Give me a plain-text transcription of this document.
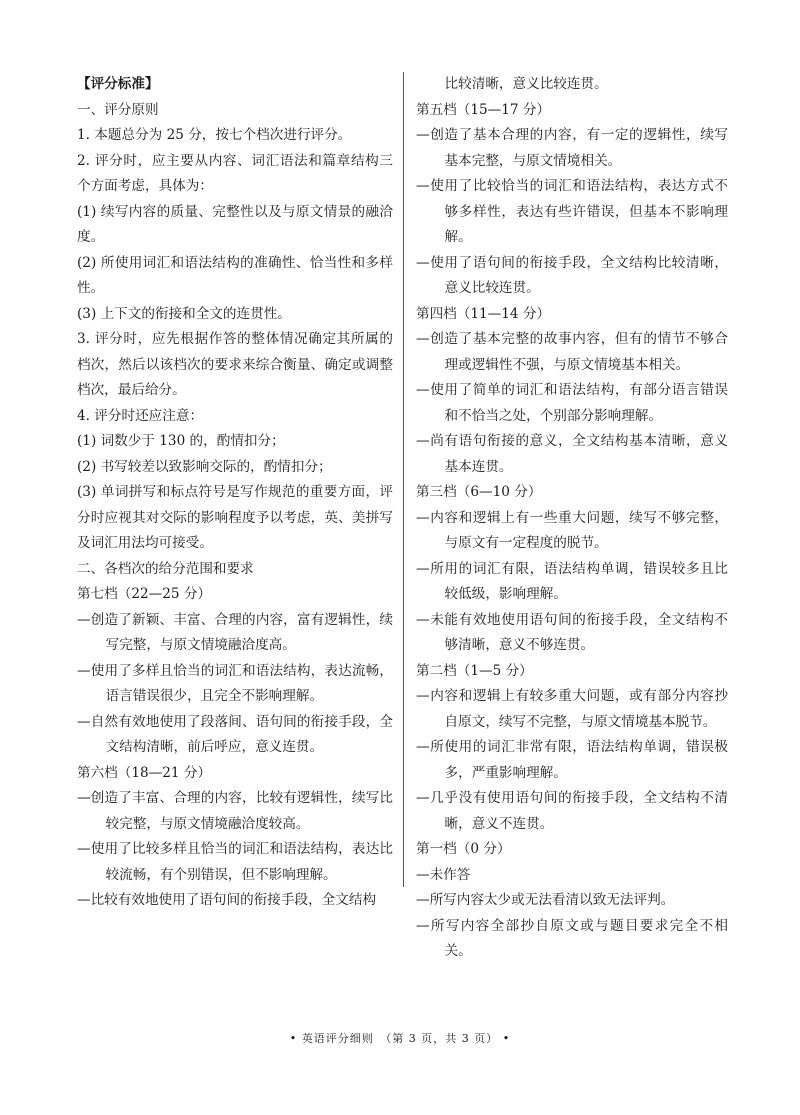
【评分标准】
一、评分原则
1. 本题总分为 25 分，按七个档次进行评分。
2. 评分时，应主要从内容、词汇语法和篇章结构三个方面考虑，具体为：
(1) 续写内容的质量、完整性以及与原文情景的融洽度。
(2) 所使用词汇和语法结构的准确性、恰当性和多样性。
(3) 上下文的衔接和全文的连贯性。
3. 评分时，应先根据作答的整体情况确定其所属的档次，然后以该档次的要求来综合衡量、确定或调整档次，最后给分。
4. 评分时还应注意：
(1) 词数少于 130 的，酌情扣分；
(2) 书写较差以致影响交际的，酌情扣分；
(3) 单词拼写和标点符号是写作规范的重要方面，评分时应视其对交际的影响程度予以考虑，英、美拼写及词汇用法均可接受。
二、各档次的给分范围和要求
第七档（22—25 分）
—创造了新颖、丰富、合理的内容，富有逻辑性，续写完整，与原文情境融洽度高。
—使用了多样且恰当的词汇和语法结构，表达流畅，语言错误很少，且完全不影响理解。
—自然有效地使用了段落间、语句间的衔接手段，全文结构清晰，前后呼应，意义连贯。
第六档（18—21 分）
—创造了丰富、合理的内容，比较有逻辑性，续写比较完整，与原文情境融洽度较高。
—使用了比较多样且恰当的词汇和语法结构，表达比较流畅，有个别错误，但不影响理解。
—比较有效地使用了语句间的衔接手段，全文结构
比较清晰，意义比较连贯。
第五档（15—17 分）
—创造了基本合理的内容，有一定的逻辑性，续写基本完整，与原文情境相关。
—使用了比较恰当的词汇和语法结构，表达方式不够多样性，表达有些许错误，但基本不影响理解。
—使用了语句间的衔接手段，全文结构比较清晰，意义比较连贯。
第四档（11—14 分）
—创造了基本完整的故事内容，但有的情节不够合理或逻辑性不强，与原文情境基本相关。
—使用了简单的词汇和语法结构，有部分语言错误和不恰当之处，个别部分影响理解。
—尚有语句衔接的意义，全文结构基本清晰，意义基本连贯。
第三档（6—10 分）
—内容和逻辑上有一些重大问题，续写不够完整，与原文有一定程度的脱节。
—所用的词汇有限，语法结构单调，错误较多且比较低级，影响理解。
—未能有效地使用语句间的衔接手段，全文结构不够清晰，意义不够连贯。
第二档（1—5 分）
—内容和逻辑上有较多重大问题，或有部分内容抄自原文，续写不完整，与原文情境基本脱节。
—所使用的词汇非常有限，语法结构单调，错误极多，严重影响理解。
—几乎没有使用语句间的衔接手段，全文结构不清晰，意义不连贯。
第一档（0 分）
—未作答
—所写内容太少或无法看清以致无法评判。
—所写内容全部抄自原文或与题目要求完全不相关。
• 英语评分细则　（第 3 页，共 3 页） •
